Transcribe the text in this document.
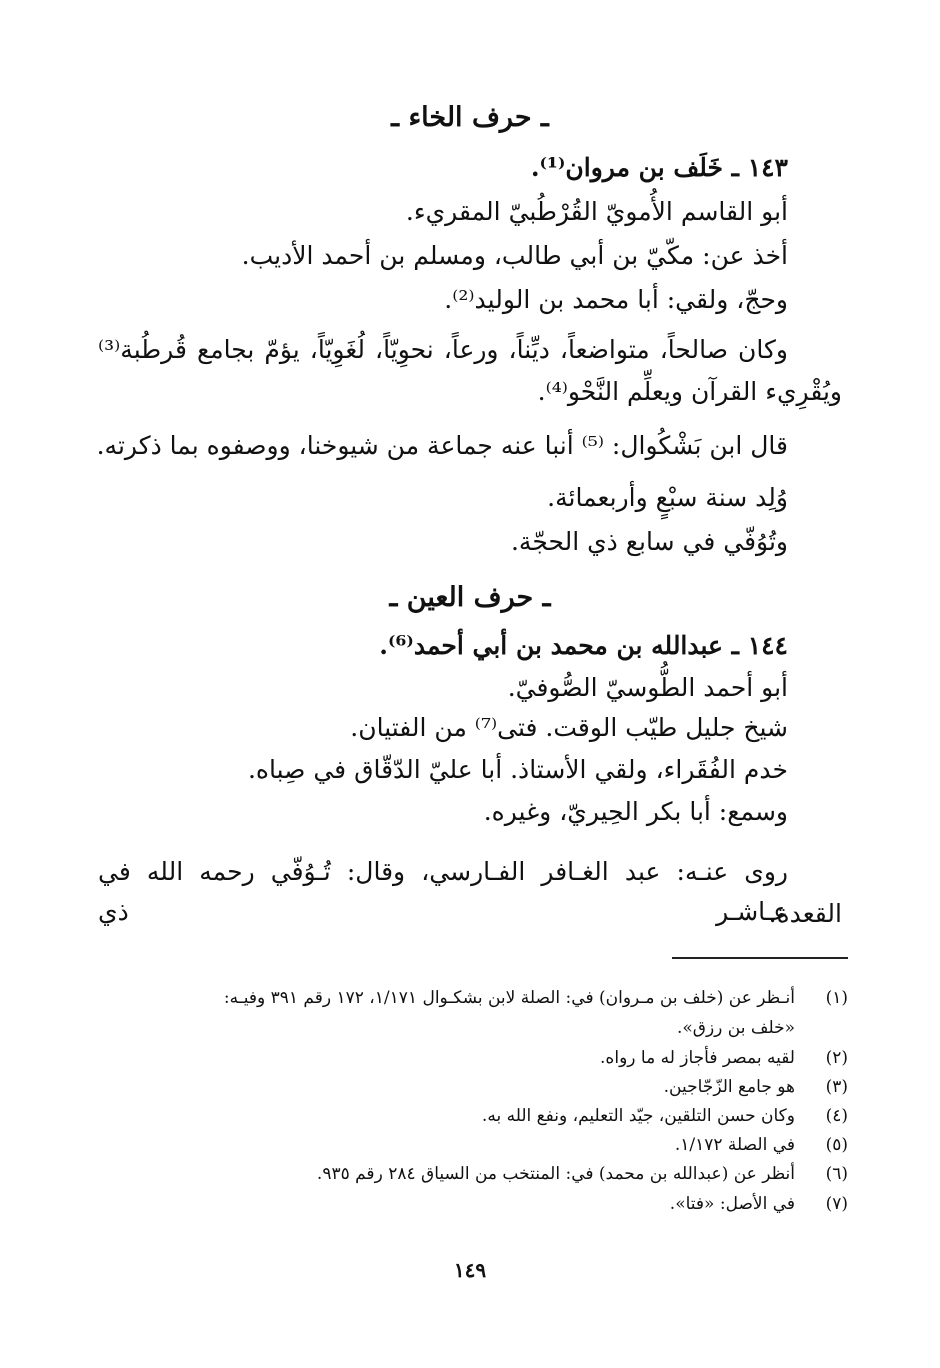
ـ حرف الخاء ـ
١٤٣ ـ خَلَف بن مروان⁽¹⁾.
أبو القاسم الأُمويّ القُرْطُبيّ المقريء.
أخذ عن: مكّيّ بن أبي طالب، ومسلم بن أحمد الأديب.
وحجّ، ولقي: أبا محمد بن الوليد⁽²⁾.
وكان صالحاً، متواضعاً، ديِّناً، ورعاً، نحوِيّاً، لُغَوِيّاً، يؤمّ بجامع قُرطُبة⁽³⁾
ويُقْرِيء القرآن ويعلِّم النَّحْو⁽⁴⁾.
قال ابن بَشْكُوال: ⁽⁵⁾ أنبا عنه جماعة من شيوخنا، ووصفوه بما ذكرته.
وُلِد سنة سبْعٍ وأربعمائة.
وتُوُفّي في سابع ذي الحجّة.
ـ حرف العين ـ
١٤٤ ـ عبدالله بن محمد بن أبي أحمد⁽⁶⁾.
أبو أحمد الطُّوسيّ الصُّوفيّ.
شيخ جليل طيّب الوقت. فتى⁽⁷⁾ من الفتيان.
خدم الفُقَراء، ولقي الأستاذ. أبا عليّ الدّقّاق في صِباه.
وسمع: أبا بكر الحِيريّ، وغيره.
روى عنـه: عبد الغـافر الفـارسي، وقال: تُـوُفّي رحمه الله في عـاشـر ذي
القعدة.
(١)
أنـظر عن (خلف بن مـروان) في: الصلة لابن بشكـوال ١/١٧١، ١٧٢ رقم ٣٩١ وفيـه:
«خلف بن رزق».
(٢)
لقيه بمصر فأجاز له ما رواه.
(٣)
هو جامع الزّجّاجين.
(٤)
وكان حسن التلقين، جيّد التعليم، ونفع الله به.
(٥)
في الصلة ١/١٧٢.
(٦)
أنظر عن (عبدالله بن محمد) في: المنتخب من السياق ٢٨٤ رقم ٩٣٥.
(٧)
في الأصل: «فتا».
١٤٩
